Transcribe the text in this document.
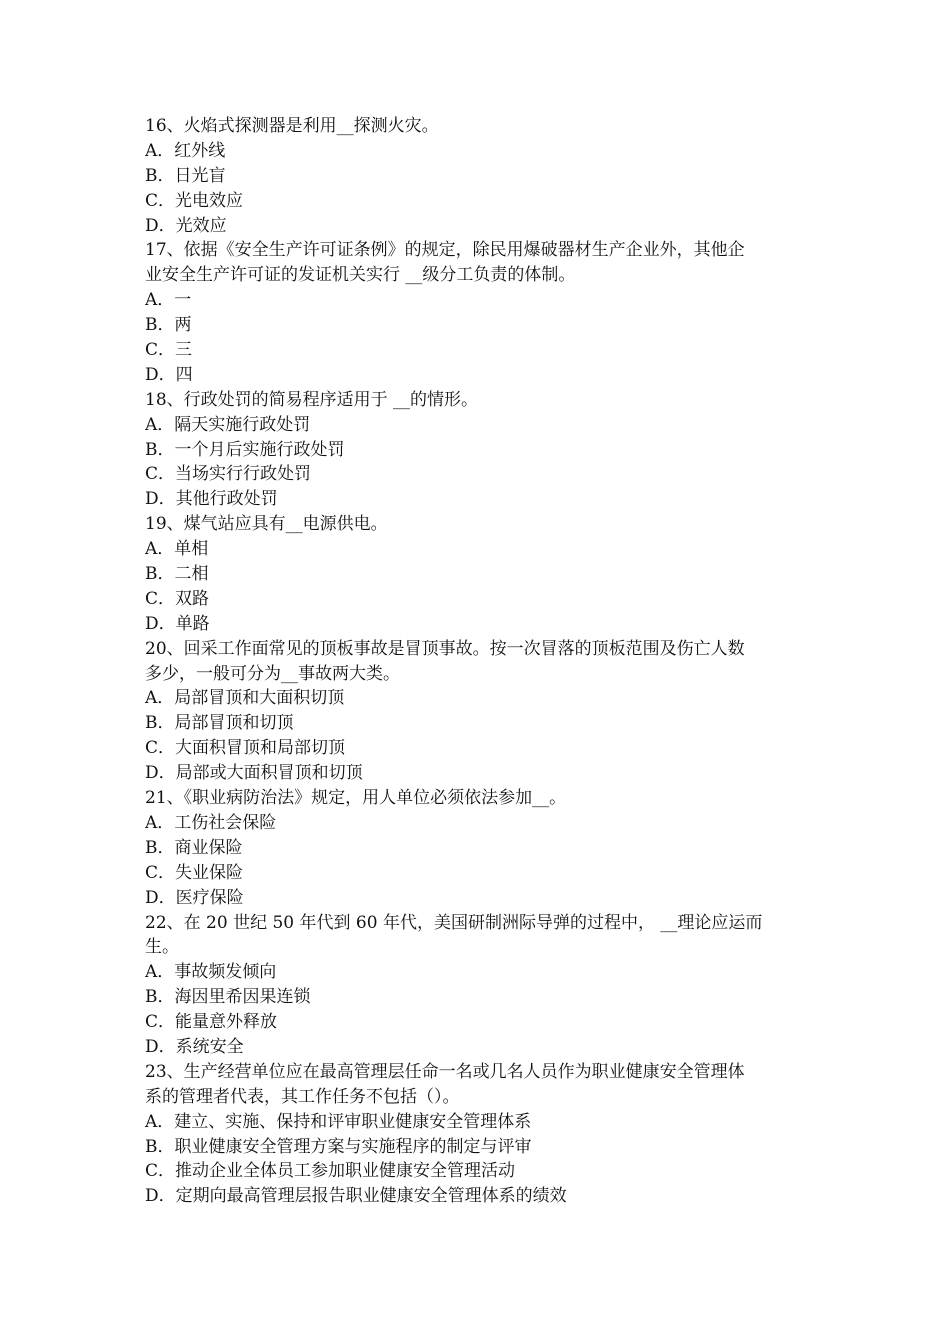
16、火焰式探测器是利用__探测火灾。
A．红外线
B．日光盲
C．光电效应
D．光效应
17、依据《安全生产许可证条例》的规定，除民用爆破器材生产企业外，其他企
业安全生产许可证的发证机关实行 __级分工负责的体制。
A．一
B．两
C．三
D．四
18、行政处罚的简易程序适用于 __的情形。
A．隔天实施行政处罚
B．一个月后实施行政处罚
C．当场实行行政处罚
D．其他行政处罚
19、煤气站应具有__电源供电。
A．单相
B．二相
C．双路
D．单路
20、回采工作面常见的顶板事故是冒顶事故。按一次冒落的顶板范围及伤亡人数
多少，一般可分为__事故两大类。
A．局部冒顶和大面积切顶
B．局部冒顶和切顶
C．大面积冒顶和局部切顶
D．局部或大面积冒顶和切顶
21、《职业病防治法》规定，用人单位必须依法参加__。
A．工伤社会保险
B．商业保险
C．失业保险
D．医疗保险
22、在 20 世纪 50 年代到 60 年代，美国研制洲际导弹的过程中， __理论应运而
生。
A．事故频发倾向
B．海因里希因果连锁
C．能量意外释放
D．系统安全
23、生产经营单位应在最高管理层任命一名或几名人员作为职业健康安全管理体
系的管理者代表，其工作任务不包括（）。
A．建立、实施、保持和评审职业健康安全管理体系
B．职业健康安全管理方案与实施程序的制定与评审
C．推动企业全体员工参加职业健康安全管理活动
D．定期向最高管理层报告职业健康安全管理体系的绩效
